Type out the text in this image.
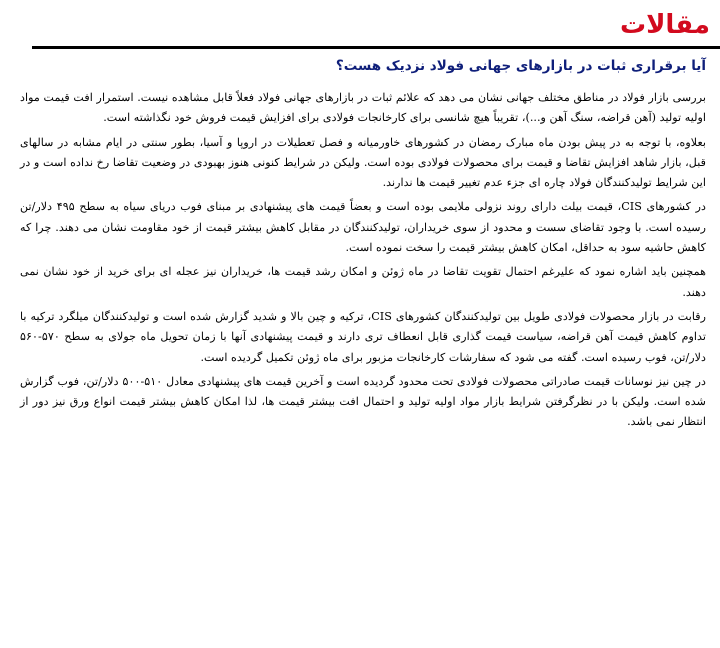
مقالات
آیا برقراری ثبات در بازارهای جهانی فولاد نزدیک هست؟

بررسی بازار فولاد در مناطق مختلف جهانی نشان می دهد که علائم ثبات در بازارهای جهانی فولاد فعلاً قابل مشاهده نیست. استمرار افت قیمت مواد اولیه تولید (آهن قراضه، سنگ آهن و...)، تقریباً هیچ شانسی برای کارخانجات فولادی برای افزایش قیمت فروش خود نگذاشته است.

بعلاوه، با توجه به در پیش بودن ماه مبارک رمضان در کشورهای خاورمیانه و فصل تعطیلات در اروپا و آسیا، بطور سنتی در ایام مشابه در سالهای قبل، بازار شاهد افزایش تقاضا و قیمت برای محصولات فولادی بوده است. ولیکن در شرایط کنونی هنوز بهبودی در وضعیت تقاضا رخ نداده است و در این شرایط تولیدکنندگان فولاد چاره ای جزء عدم تغییر قیمت ها ندارند.

در کشورهای CIS، قیمت بیلت دارای روند نزولی ملایمی بوده است و بعضاً قیمت های پیشنهادی بر مبنای فوب دریای سیاه به سطح ۴۹۵ دلار/تن رسیده است. با وجود تقاضای سست و محدود از سوی خریداران، تولیدکنندگان در مقابل کاهش بیشتر قیمت از خود مقاومت نشان می دهند. چرا که کاهش حاشیه سود به حداقل، امکان کاهش بیشتر قیمت را سخت نموده است.

همچنین باید اشاره نمود که علیرغم احتمال تقویت تقاضا در ماه ژوئن و امکان رشد قیمت ها، خریداران نیز عجله ای برای خرید از خود نشان نمی دهند.

رقابت در بازار محصولات فولادی طویل بین تولیدکنندگان کشورهای CIS، ترکیه و چین بالا و شدید گزارش شده است و تولیدکنندگان میلگرد ترکیه با تداوم کاهش قیمت آهن قراضه، سیاست قیمت گذاری قابل انعطاف تری دارند و قیمت پیشنهادی آنها با زمان تحویل ماه جولای به سطح ۵۷۰-۵۶۰ دلار/تن، فوب رسیده است. گفته می شود که سفارشات کارخانجات مزبور برای ماه ژوئن تکمیل گردیده است.

در چین نیز نوسانات قیمت صادراتی محصولات فولادی تحت محدود گردیده است و آخرین قیمت های پیشنهادی معادل ۵۱۰-۵۰۰ دلار/تن، فوب گزارش شده است. ولیکن با در نظرگرفتن شرایط بازار مواد اولیه تولید و احتمال افت بیشتر قیمت ها، لذا امکان کاهش بیشتر قیمت انواع ورق نیز دور از انتظار نمی باشد.
